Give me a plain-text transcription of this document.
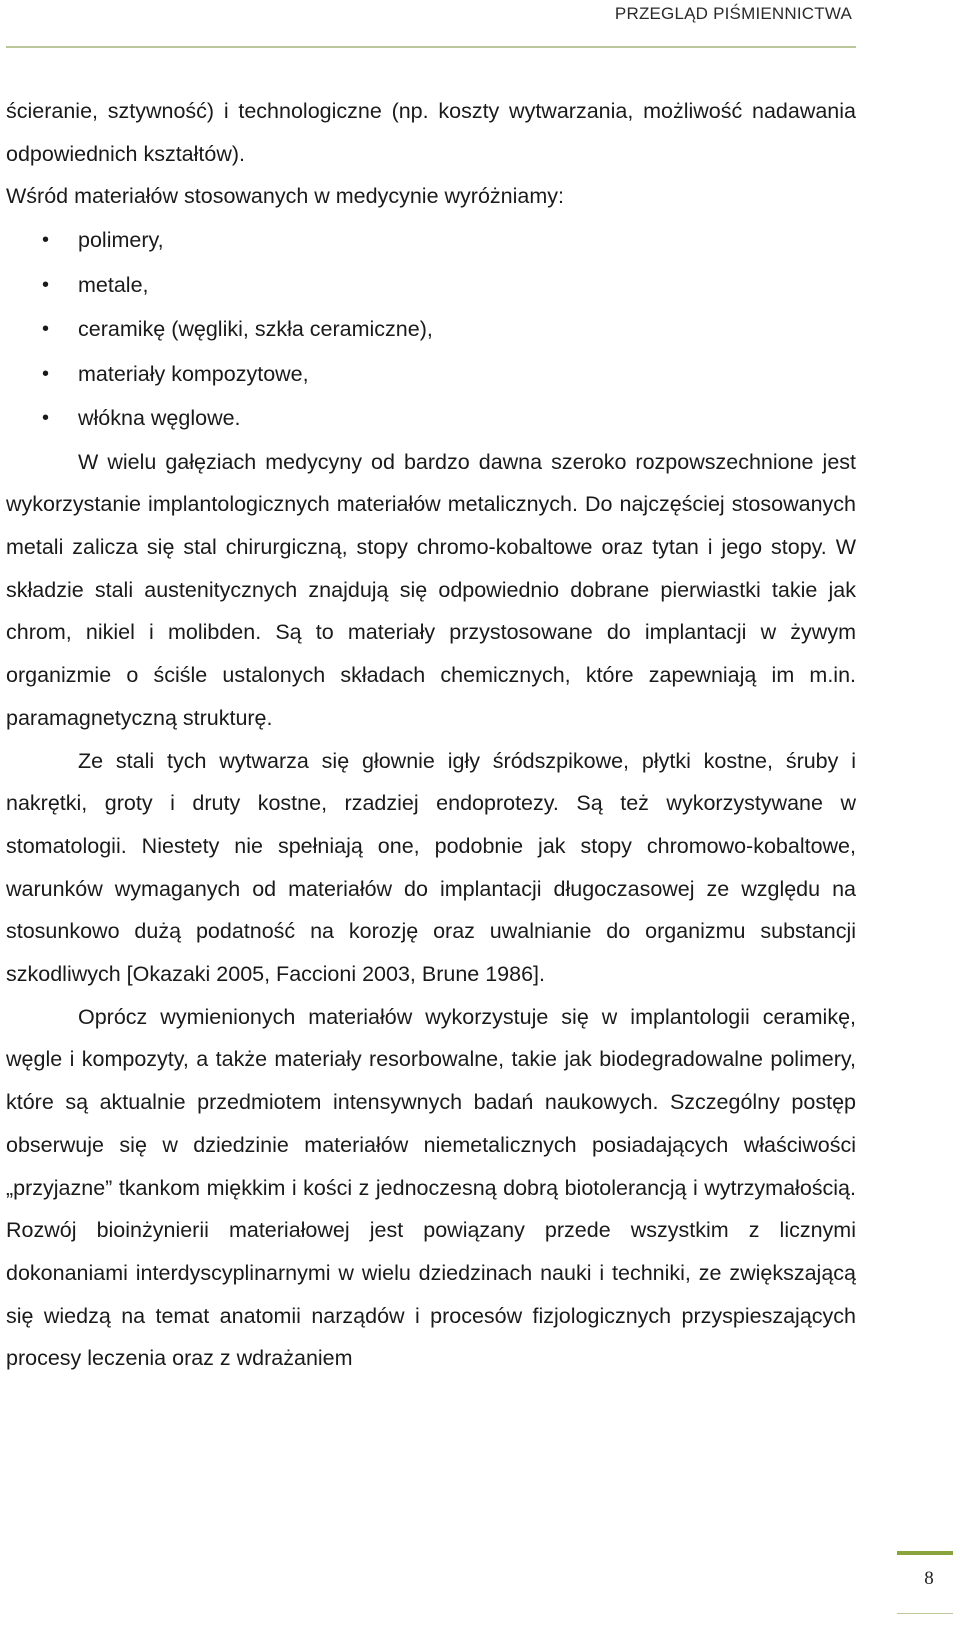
PRZEGLĄD PIŚMIENNICTWA

ścieranie, sztywność) i technologiczne (np. koszty wytwarzania, możliwość nadawania odpowiednich kształtów).

Wśród materiałów stosowanych w medycynie wyróżniamy:

• polimery,
• metale,
• ceramikę (węgliki, szkła ceramiczne),
• materiały kompozytowe,
• włókna węglowe.

W wielu gałęziach medycyny od bardzo dawna szeroko rozpowszechnione jest wykorzystanie implantologicznych materiałów metalicznych. Do najczęściej stosowanych metali zalicza się stal chirurgiczną, stopy chromo-kobaltowe oraz tytan i jego stopy. W składzie stali austenitycznych znajdują się odpowiednio dobrane pierwiastki takie jak chrom, nikiel i molibden. Są to materiały przystosowane do implantacji w żywym organizmie o ściśle ustalonych składach chemicznych, które zapewniają im m.in. paramagnetyczną strukturę.

Ze stali tych wytwarza się głownie igły śródszpikowe, płytki kostne, śruby i nakrętki, groty i druty kostne, rzadziej endoprotezy. Są też wykorzystywane w stomatologii. Niestety nie spełniają one, podobnie jak stopy chromowo-kobaltowe, warunków wymaganych od materiałów do implantacji długoczasowej ze względu na stosunkowo dużą podatność na korozję oraz uwalnianie do organizmu substancji szkodliwych [Okazaki 2005, Faccioni 2003, Brune 1986].

Oprócz wymienionych materiałów wykorzystuje się w implantologii ceramikę, węgle i kompozyty, a także materiały resorbowalne, takie jak biodegradowalne polimery, które są aktualnie przedmiotem intensywnych badań naukowych. Szczególny postęp obserwuje się w dziedzinie materiałów niemetalicznych posiadających właściwości „przyjazne” tkankom miękkim i kości z jednoczesną dobrą biotolerancją i wytrzymałością. Rozwój bioinżynierii materiałowej jest powiązany przede wszystkim z licznymi dokonaniami interdyscyplinarnymi w wielu dziedzinach nauki i techniki, ze zwiększającą się wiedzą na temat anatomii narządów i procesów fizjologicznych przyspieszających procesy leczenia oraz z wdrażaniem

8
